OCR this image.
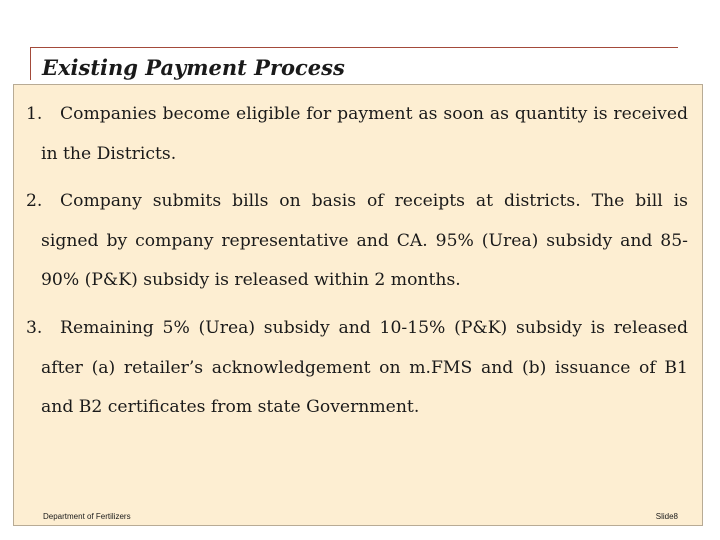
Existing Payment Process

1. Companies become eligible for payment as soon as quantity is received in the Districts.

2. Company submits bills on basis of receipts at districts. The bill is signed by company representative and CA. 95% (Urea) subsidy and 85-90% (P&K) subsidy is released within 2 months.

3. Remaining 5% (Urea) subsidy and 10-15% (P&K) subsidy is released after (a) retailer’s acknowledgement on m.FMS and (b) issuance of B1 and B2 certificates from state Government.

Department of Fertilizers	Slide8
